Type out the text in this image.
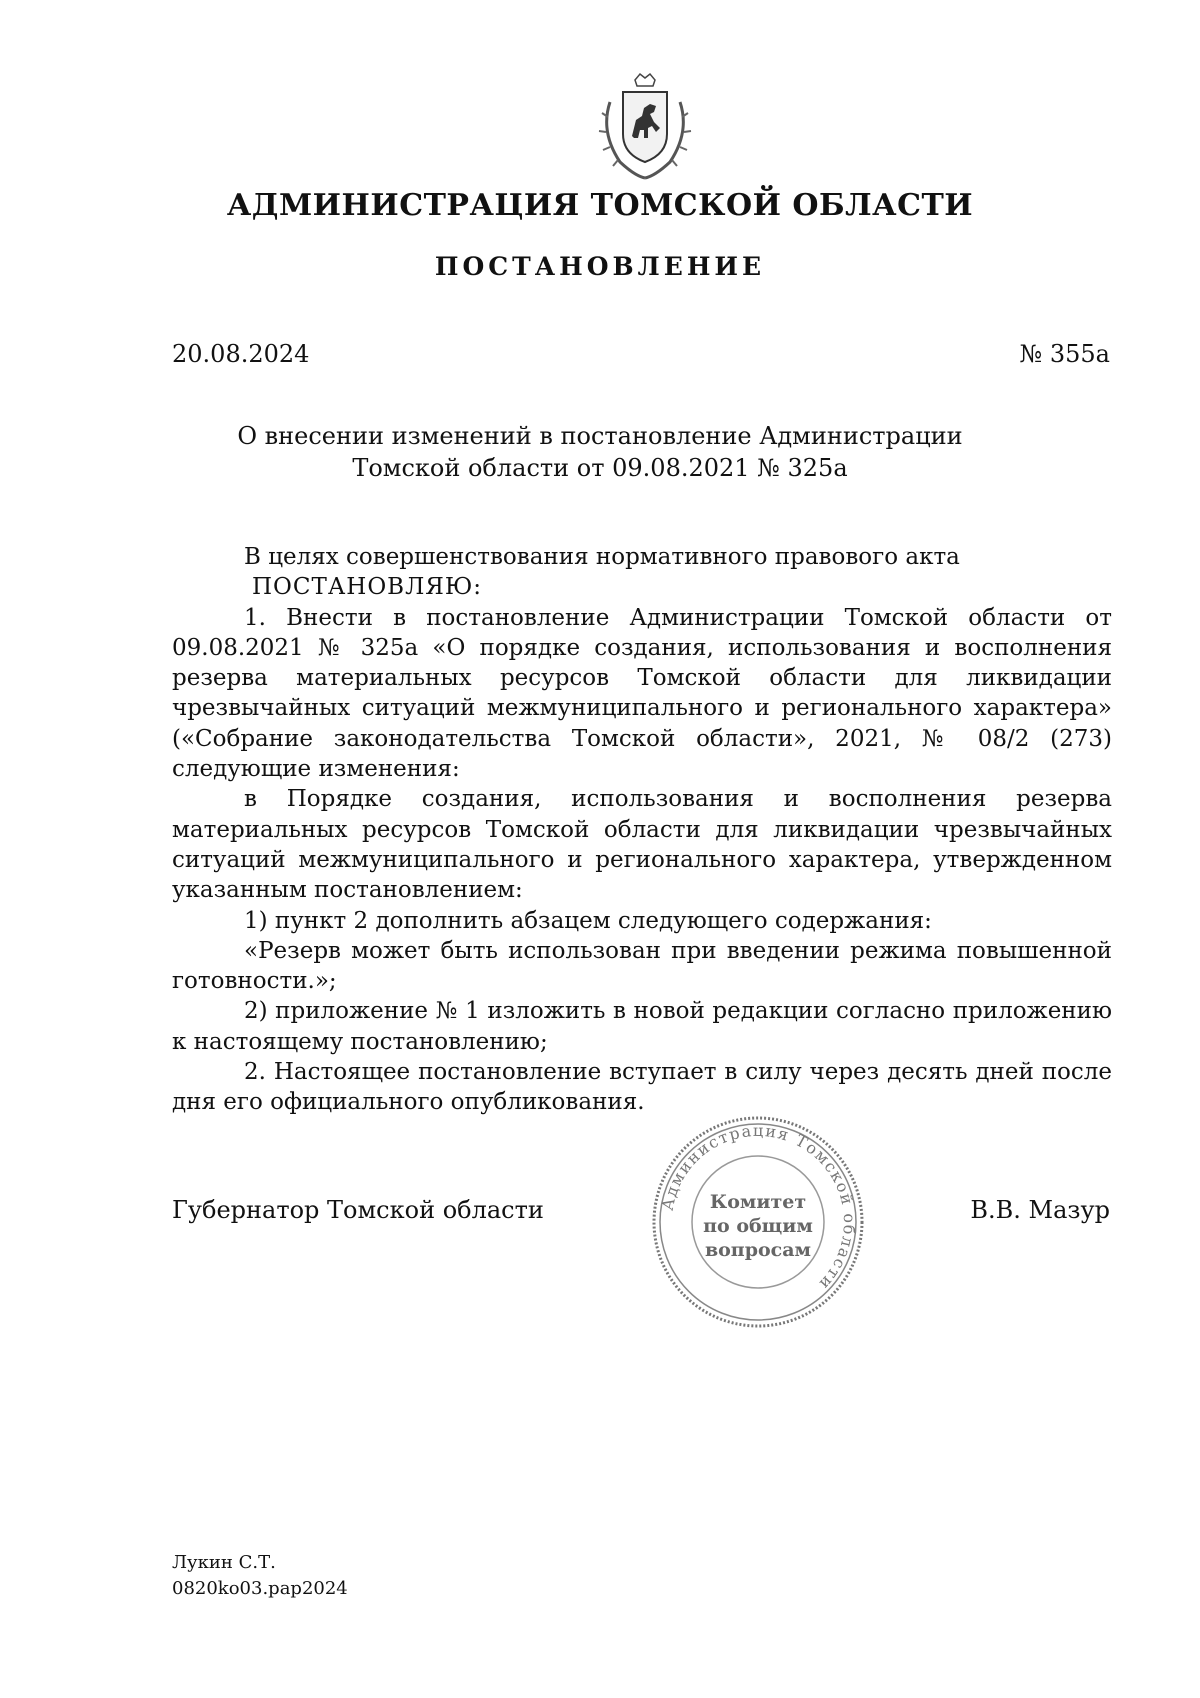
АДМИНИСТРАЦИЯ ТОМСКОЙ ОБЛАСТИ
ПОСТАНОВЛЕНИЕ
20.08.2024	№ 355а
О внесении изменений в постановление Администрации
Томской области от 09.08.2021 № 325а

В целях совершенствования нормативного правового акта

ПОСТАНОВЛЯЮ:

1. Внести в постановление Администрации Томской области от 09.08.2021 № 325а «О порядке создания, использования и восполнения резерва материальных ресурсов Томской области для ликвидации чрезвычайных ситуаций межмуниципального и регионального характера» («Собрание законодательства Томской области», 2021, № 08/2 (273) следующие изменения:

в Порядке создания, использования и восполнения резерва материальных ресурсов Томской области для ликвидации чрезвычайных ситуаций межмуниципального и регионального характера, утвержденном указанным постановлением:

1) пункт 2 дополнить абзацем следующего содержания:

«Резерв может быть использован при введении режима повышенной готовности.»;

2) приложение № 1 изложить в новой редакции согласно приложению к настоящему постановлению;

2. Настоящее постановление вступает в силу через десять дней после дня его официального опубликования.

Губернатор Томской области	В.В. Мазур
Администрация Томской области
Комитет
по общим
вопросам
Лукин С.Т.
0820ko03.pap2024
